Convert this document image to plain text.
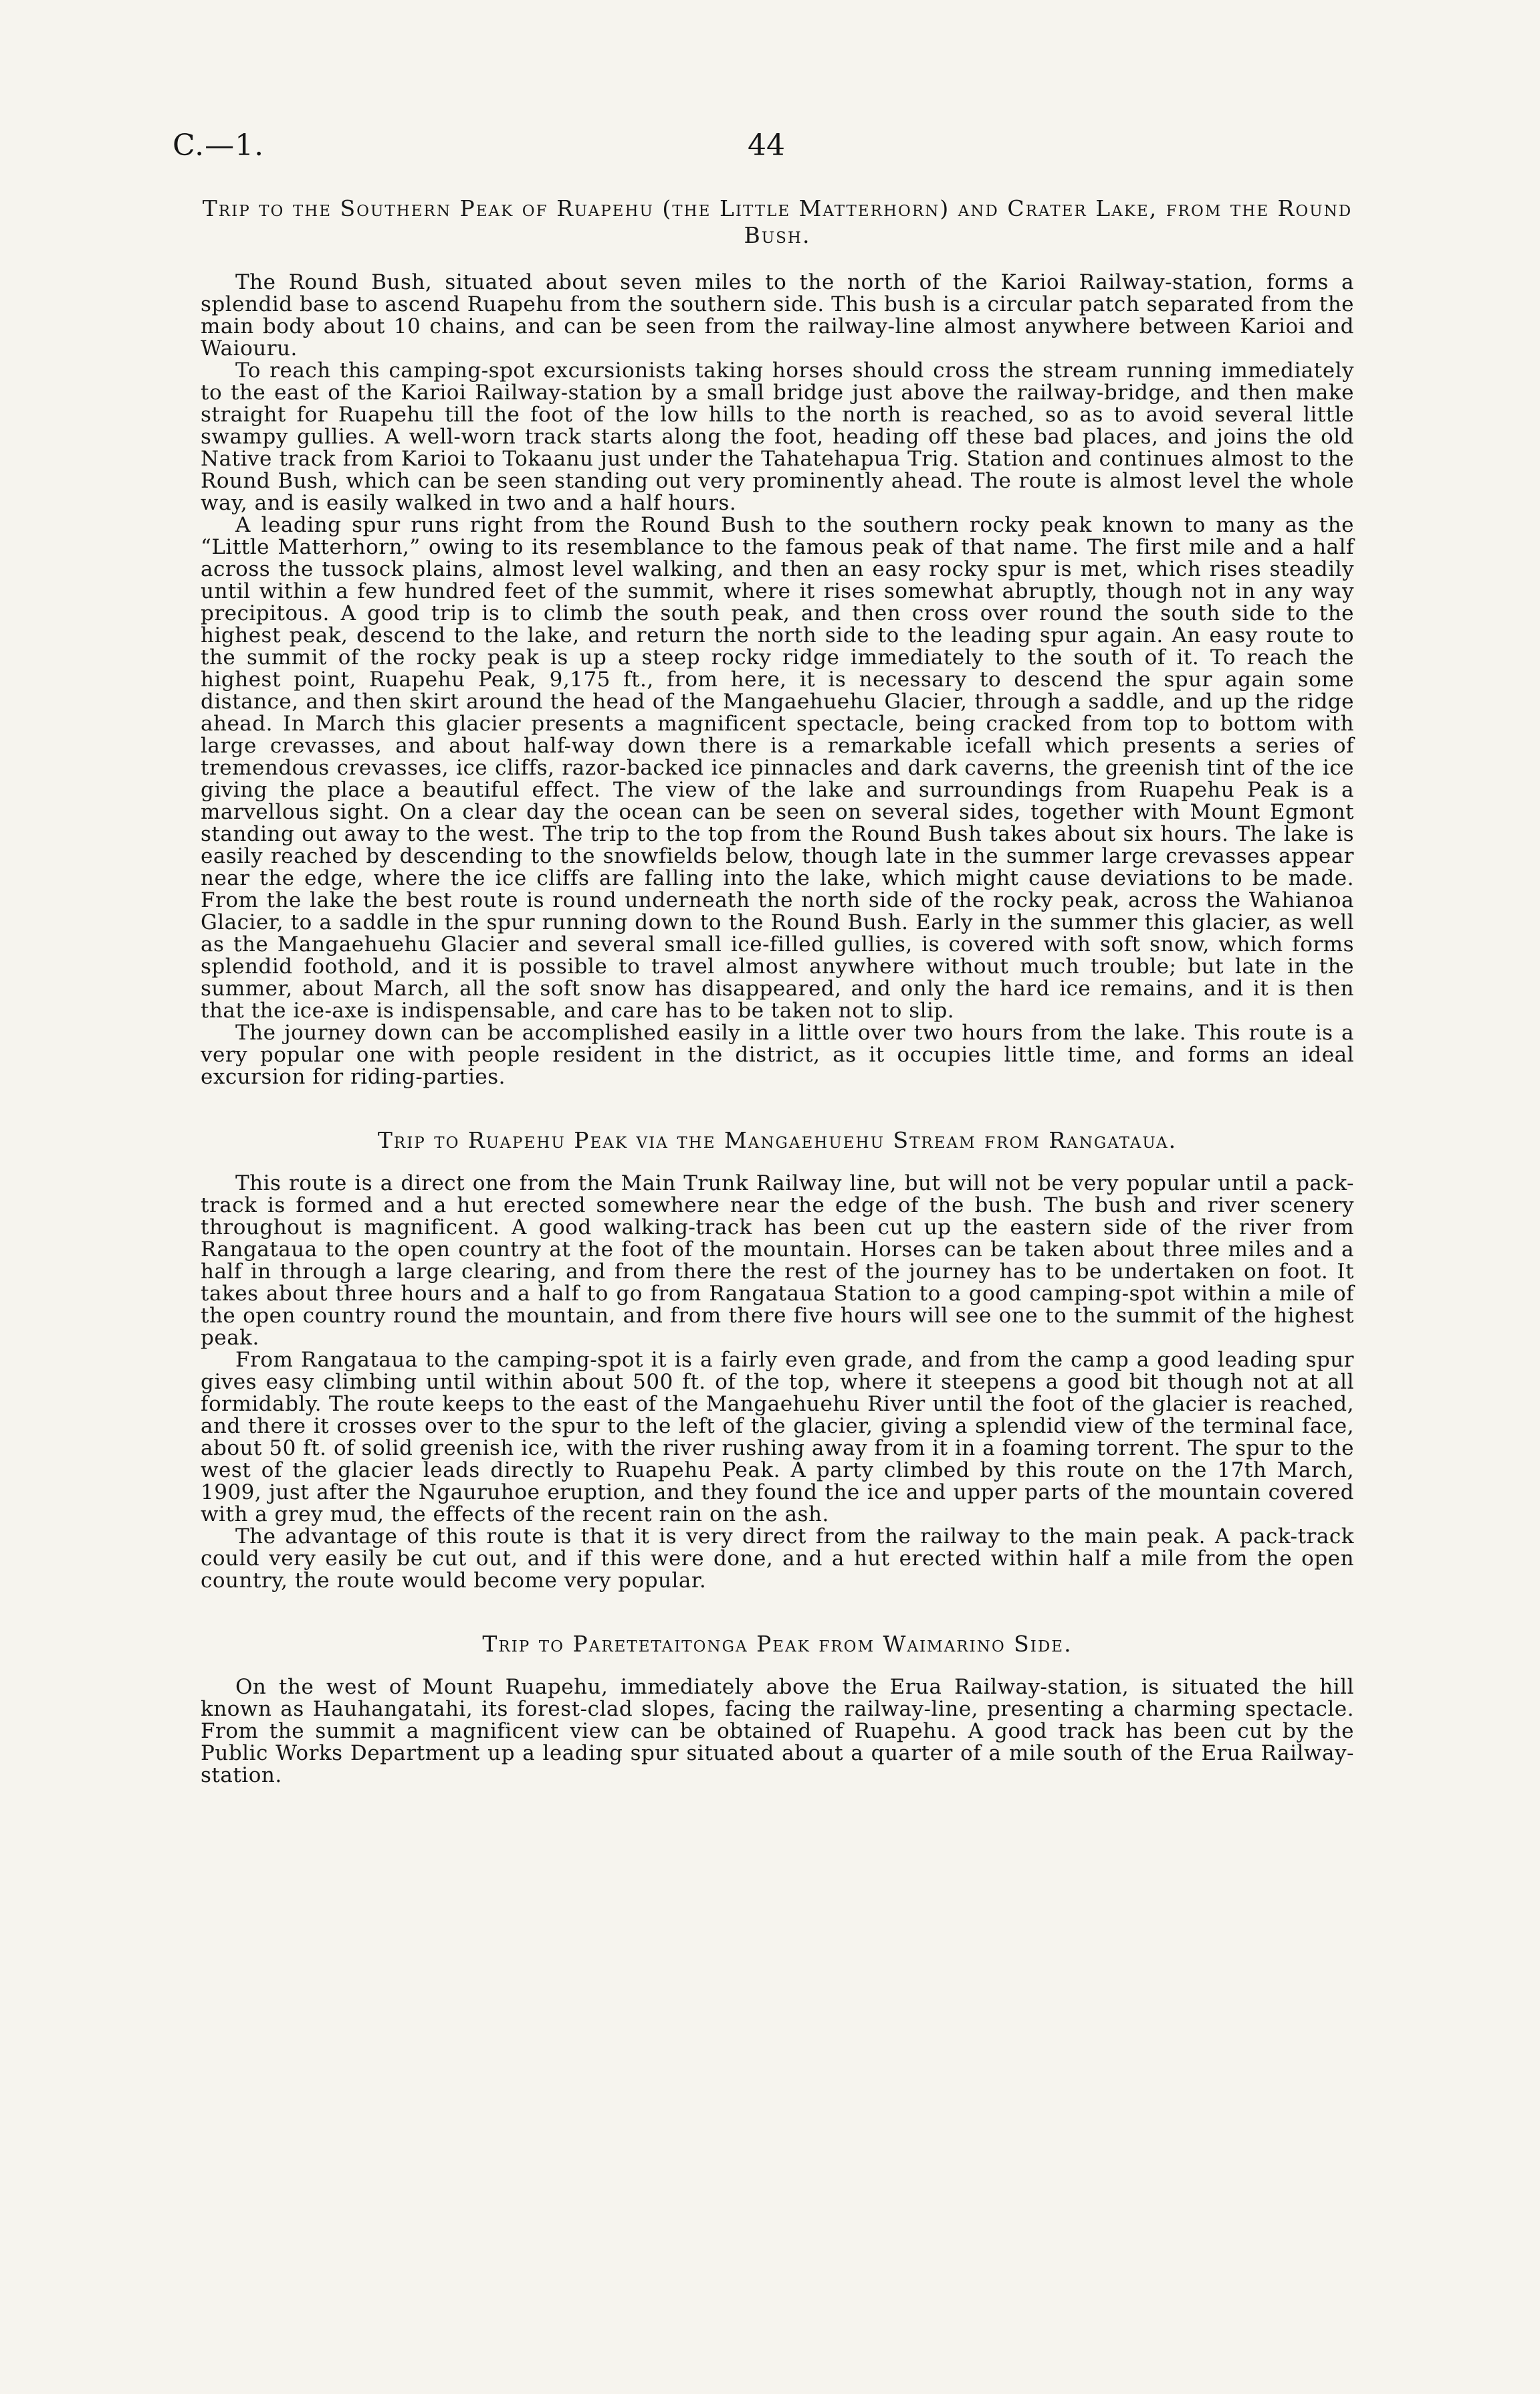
C.—1.	44
Trip to the Southern Peak of Ruapehu (the Little Matterhorn) and Crater Lake, from the Round Bush.

The Round Bush, situated about seven miles to the north of the Karioi Railway-station, forms a splendid base to ascend Ruapehu from the southern side. This bush is a circular patch separated from the main body about 10 chains, and can be seen from the railway-line almost anywhere between Karioi and Waiouru.

To reach this camping-spot excursionists taking horses should cross the stream running immediately to the east of the Karioi Railway-station by a small bridge just above the railway-bridge, and then make straight for Ruapehu till the foot of the low hills to the north is reached, so as to avoid several little swampy gullies. A well-worn track starts along the foot, heading off these bad places, and joins the old Native track from Karioi to Tokaanu just under the Tahatehapua Trig. Station and continues almost to the Round Bush, which can be seen standing out very prominently ahead. The route is almost level the whole way, and is easily walked in two and a half hours.

A leading spur runs right from the Round Bush to the southern rocky peak known to many as the “Little Matterhorn,” owing to its resemblance to the famous peak of that name. The first mile and a half across the tussock plains, almost level walking, and then an easy rocky spur is met, which rises steadily until within a few hundred feet of the summit, where it rises somewhat abruptly, though not in any way precipitous. A good trip is to climb the south peak, and then cross over round the south side to the highest peak, descend to the lake, and return the north side to the leading spur again. An easy route to the summit of the rocky peak is up a steep rocky ridge immediately to the south of it. To reach the highest point, Ruapehu Peak, 9,175 ft., from here, it is necessary to descend the spur again some distance, and then skirt around the head of the Mangaehuehu Glacier, through a saddle, and up the ridge ahead. In March this glacier presents a magnificent spectacle, being cracked from top to bottom with large crevasses, and about half-way down there is a remarkable icefall which presents a series of tremendous crevasses, ice cliffs, razor-backed ice pinnacles and dark caverns, the greenish tint of the ice giving the place a beautiful effect. The view of the lake and surroundings from Ruapehu Peak is a marvellous sight. On a clear day the ocean can be seen on several sides, together with Mount Egmont standing out away to the west. The trip to the top from the Round Bush takes about six hours. The lake is easily reached by descending to the snowfields below, though late in the summer large crevasses appear near the edge, where the ice cliffs are falling into the lake, which might cause deviations to be made. From the lake the best route is round underneath the north side of the rocky peak, across the Wahianoa Glacier, to a saddle in the spur running down to the Round Bush. Early in the summer this glacier, as well as the Mangaehuehu Glacier and several small ice-filled gullies, is covered with soft snow, which forms splendid foothold, and it is possible to travel almost anywhere without much trouble; but late in the summer, about March, all the soft snow has disappeared, and only the hard ice remains, and it is then that the ice-axe is indispensable, and care has to be taken not to slip.

The journey down can be accomplished easily in a little over two hours from the lake. This route is a very popular one with people resident in the district, as it occupies little time, and forms an ideal excursion for riding-parties.

Trip to Ruapehu Peak via the Mangaehuehu Stream from Rangataua.

This route is a direct one from the Main Trunk Railway line, but will not be very popular until a pack-track is formed and a hut erected somewhere near the edge of the bush. The bush and river scenery throughout is magnificent. A good walking-track has been cut up the eastern side of the river from Rangataua to the open country at the foot of the mountain. Horses can be taken about three miles and a half in through a large clearing, and from there the rest of the journey has to be undertaken on foot. It takes about three hours and a half to go from Rangataua Station to a good camping-spot within a mile of the open country round the mountain, and from there five hours will see one to the summit of the highest peak.

From Rangataua to the camping-spot it is a fairly even grade, and from the camp a good leading spur gives easy climbing until within about 500 ft. of the top, where it steepens a good bit though not at all formidably. The route keeps to the east of the Mangaehuehu River until the foot of the glacier is reached, and there it crosses over to the spur to the left of the glacier, giving a splendid view of the terminal face, about 50 ft. of solid greenish ice, with the river rushing away from it in a foaming torrent. The spur to the west of the glacier leads directly to Ruapehu Peak. A party climbed by this route on the 17th March, 1909, just after the Ngauruhoe eruption, and they found the ice and upper parts of the mountain covered with a grey mud, the effects of the recent rain on the ash.

The advantage of this route is that it is very direct from the railway to the main peak. A pack-track could very easily be cut out, and if this were done, and a hut erected within half a mile from the open country, the route would become very popular.

Trip to Paretetaitonga Peak from Waimarino Side.

On the west of Mount Ruapehu, immediately above the Erua Railway-station, is situated the hill known as Hauhangatahi, its forest-clad slopes, facing the railway-line, presenting a charming spectacle. From the summit a magnificent view can be obtained of Ruapehu. A good track has been cut by the Public Works Department up a leading spur situated about a quarter of a mile south of the Erua Railway-station.
